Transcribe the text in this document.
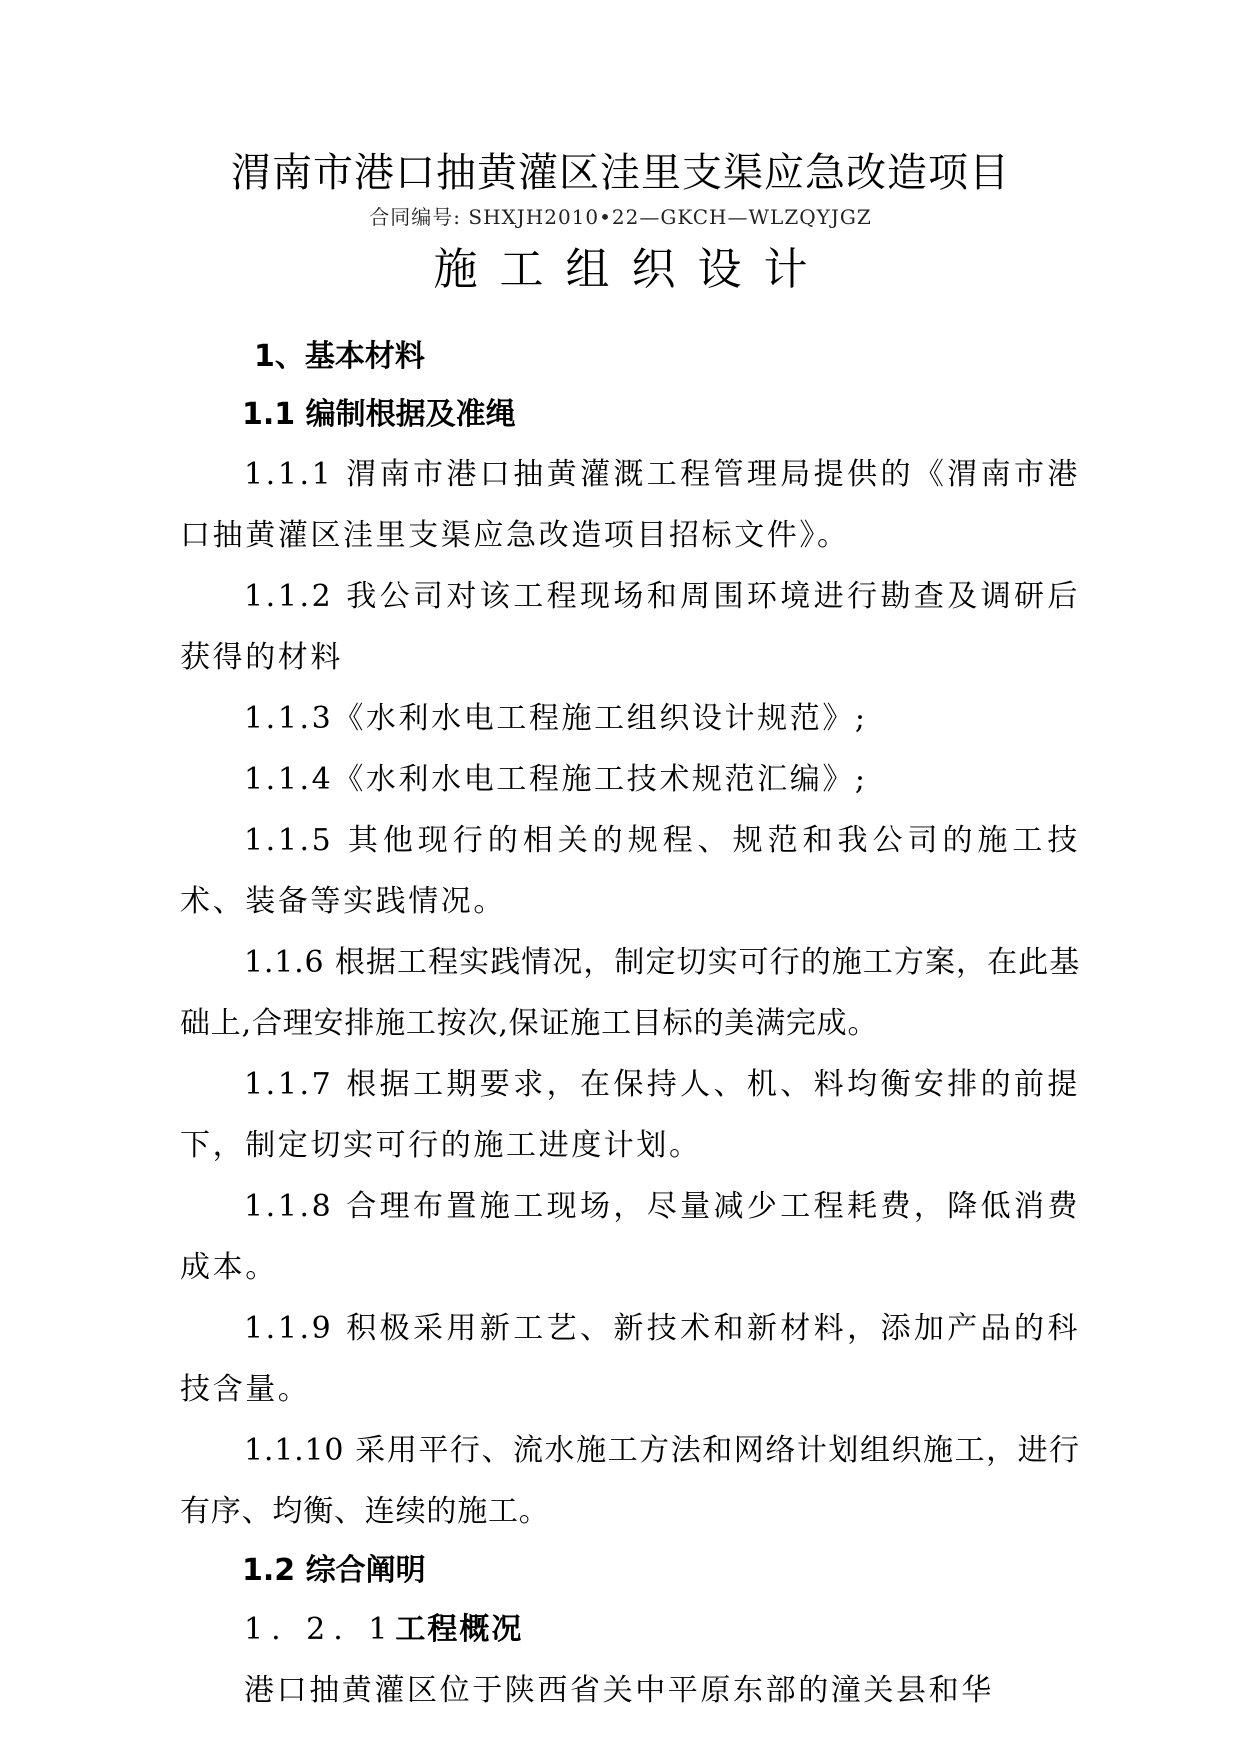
渭南市港口抽黄灌区洼里支渠应急改造项目
合同编号: SHXJH2010•22—GKCH—WLZQYJGZ
施工组织设计

1、基本材料

1.1 编制根据及准绳

1.1.1 渭南市港口抽黄灌溉工程管理局提供的《渭南市港口抽黄灌区洼里支渠应急改造项目招标文件》。

1.1.2 我公司对该工程现场和周围环境进行勘查及调研后获得的材料

1.1.3《水利水电工程施工组织设计规范》;

1.1.4《水利水电工程施工技术规范汇编》;

1.1.5 其他现行的相关的规程、规范和我公司的施工技术、装备等实践情况。

1.1.6 根据工程实践情况，制定切实可行的施工方案，在此基础上,合理安排施工按次,保证施工目标的美满完成。

1.1.7 根据工期要求，在保持人、机、料均衡安排的前提下，制定切实可行的施工进度计划。

1.1.8 合理布置施工现场，尽量减少工程耗费，降低消费成本。

1.1.9 积极采用新工艺、新技术和新材料，添加产品的科技含量。

1.1.10 采用平行、流水施工方法和网络计划组织施工，进行有序、均衡、连续的施工。

1.2 综合阐明

1. 2. 1工程概况

港口抽黄灌区位于陕西省关中平原东部的潼关县和华
